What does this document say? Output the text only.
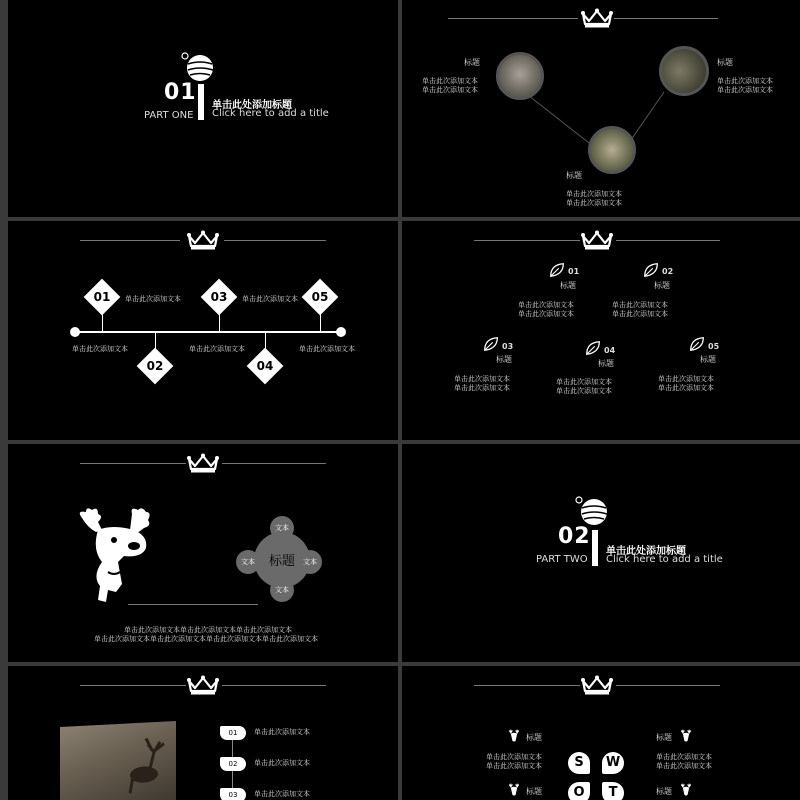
01
PART ONE
单击此处添加标题
Click here to add a title
标题
单击此次添加文本
单击此次添加文本
标题
单击此次添加文本
单击此次添加文本
标题
单击此次添加文本
单击此次添加文本
01	03	05
02	04
单击此次添加文本	单击此次添加文本
单击此次添加文本	单击此次添加文本	单击此次添加文本
01
标题
单击此次添加文本
单击此次添加文本
02
标题
单击此次添加文本
单击此次添加文本
03
标题
单击此次添加文本
单击此次添加文本
04
标题
单击此次添加文本
单击此次添加文本
05
标题
单击此次添加文本
单击此次添加文本
标题
文本
文本	文本
文本
单击此次添加文本单击此次添加文本单击此次添加文本
单击此次添加文本单击此次添加文本单击此次添加文本单击此次添加文本
02
PART TWO
单击此处添加标题
Click here to add a title
01	单击此次添加文本
02	单击此次添加文本
03	单击此次添加文本
标题
单击此次添加文本
单击此次添加文本
标题
S	W
O	T
标题
单击此次添加文本
单击此次添加文本
标题
